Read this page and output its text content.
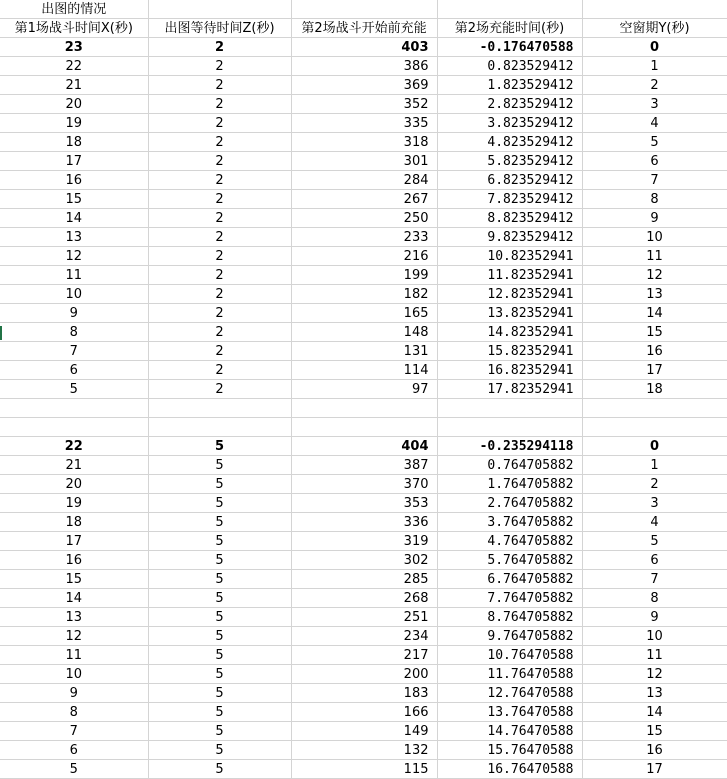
出图的情况				
第1场战斗时间X(秒)	出图等待时间Z(秒)	第2场战斗开始前充能	第2场充能时间(秒)	空窗期Y(秒)
23	2	403	-0.176470588	0
22	2	386	0.823529412	1
21	2	369	1.823529412	2
20	2	352	2.823529412	3
19	2	335	3.823529412	4
18	2	318	4.823529412	5
17	2	301	5.823529412	6
16	2	284	6.823529412	7
15	2	267	7.823529412	8
14	2	250	8.823529412	9
13	2	233	9.823529412	10
12	2	216	10.82352941	11
11	2	199	11.82352941	12
10	2	182	12.82352941	13
9	2	165	13.82352941	14
8	2	148	14.82352941	15
7	2	131	15.82352941	16
6	2	114	16.82352941	17
5	2	97	17.82352941	18

22	5	404	-0.235294118	0
21	5	387	0.764705882	1
20	5	370	1.764705882	2
19	5	353	2.764705882	3
18	5	336	3.764705882	4
17	5	319	4.764705882	5
16	5	302	5.764705882	6
15	5	285	6.764705882	7
14	5	268	7.764705882	8
13	5	251	8.764705882	9
12	5	234	9.764705882	10
11	5	217	10.76470588	11
10	5	200	11.76470588	12
9	5	183	12.76470588	13
8	5	166	13.76470588	14
7	5	149	14.76470588	15
6	5	132	15.76470588	16
5	5	115	16.76470588	17
